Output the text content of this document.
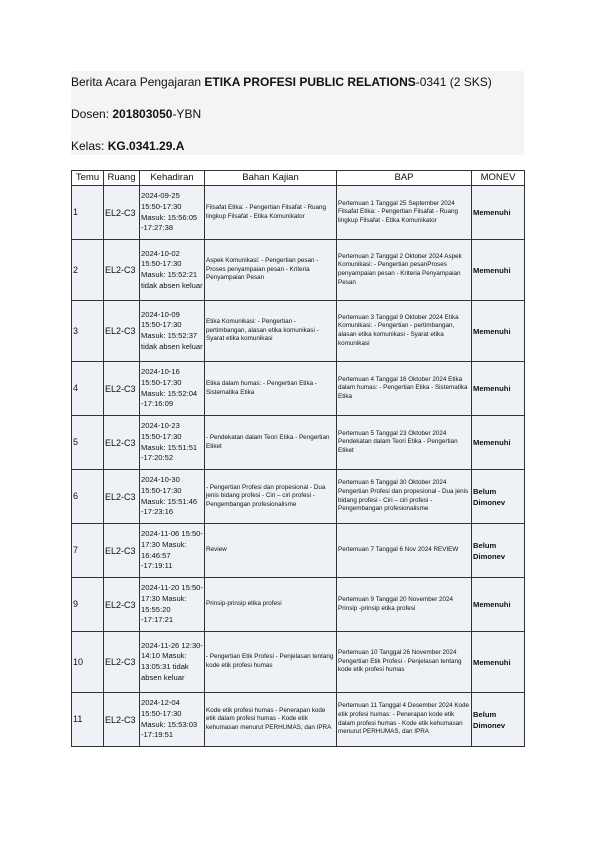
Berita Acara Pengajaran ETIKA PROFESI PUBLIC RELATIONS-0341 (2 SKS)
Dosen: 201803050-YBN
Kelas: KG.0341.29.A
Temu	Ruang	Kehadiran	Bahan Kajian	BAP	MONEV
1	EL2-C3	2024-09-25 15:50-17:30 Masuk: 15:56:05 -17:27:38	Filsafat Etika: - Pengertian Filsafat - Ruang lingkup Filsafat - Etika Komunikator	Pertemuan 1 Tanggal 25 September 2024 Filsafat Etika: - Pengertian Filsafat - Ruang lingkup Filsafat - Etika Komunikator	Memenuhi
2	EL2-C3	2024-10-02 15:50-17:30 Masuk: 15:52:21 tidak absen keluar	Aspek Komunikasi: - Pengertian pesan - Proses penyampaian pesan - Kriteria Penyampaian Pesan	Pertemuan 2 Tanggal 2 Oktober 2024 Aspek Komunikasi: - Pengertian pesanProses penyampaian pesan - Kriteria Penyampaian Pesan	Memenuhi
3	EL2-C3	2024-10-09 15:50-17:30 Masuk: 15:52:37 tidak absen keluar	Etika Komunikasi: - Pengertian - pertimbangan, alasan etika komunikasi - Syarat etika komunikasi	Pertemuan 3 Tanggal 9 Oktober 2024 Etika Komunikasi: - Pengertian - pertimbangan, alasan etika komunikasi - Syarat etika komunikasi	Memenuhi
4	EL2-C3	2024-10-16 15:50-17:30 Masuk: 15:52:04 -17:16:09	Etika dalam humas: - Pengertian Etika - Sistematika Etika	Pertemuan 4 Tanggal 16 Oktober 2024 Etika dalam humas: - Pengertian Etika - Sistematika Etika	Memenuhi
5	EL2-C3	2024-10-23 15:50-17:30 Masuk: 15:51:51 -17:20:52	- Pendekatan dalam Teori Etika - Pengertian Etiket	Pertemuan 5 Tanggal 23 Oktober 2024 Pendekatan dalam Teori Etika - Pengertian Etiket	Memenuhi
6	EL2-C3	2024-10-30 15:50-17:30 Masuk: 15:51:46 -17:23:16	- Pengertian Profesi dan propesional - Dua jenis bidang profesi - Ciri – ciri profesi - Pengembangan profesionalisme	Pertemuan 6 Tanggal 30 Oktober 2024 Pengertian Profesi dan propesional - Dua jenis bidang profesi - Ciri – ciri profesi - Pengembangan profesionalisme	Belum Dimonev
7	EL2-C3	2024-11-06 15:50-17:30 Masuk: 16:46:57 -17:19:11	Review	Pertemuan 7 Tanggal 6 Nov 2024 REVIEW	Belum Dimonev
9	EL2-C3	2024-11-20 15:50-17:30 Masuk: 15:55:20 -17:17:21	Prinsip-prinsip etika profesi	Pertemuan 9 Tanggal 20 November 2024 Prinsip -prinsip etika profesi	Memenuhi
10	EL2-C3	2024-11-26 12:30-14:10 Masuk: 13:05:31 tidak absen keluar	- Pengertian Etik Profesi - Penjelasan tentang kode etik profesi humas	Pertemuan 10 Tanggal 26 November 2024 Pengertian Etik Profesi - Penjelasan tentang kode etik profesi humas	Memenuhi
11	EL2-C3	2024-12-04 15:50-17:30 Masuk: 15:53:03 -17:19:51	Kode etik profesi humas - Penerapan kode etik dalam profesi humas - Kode etik kehumasan menurut PERHUMAS, dan IPRA	Pertemuan 11 Tanggal 4 Desember 2024 Kode etik profesi humas: - Penerapan kode etik dalam profesi humas - Kode etik kehumasan menurut PERHUMAS, dan IPRA	Belum Dimonev
